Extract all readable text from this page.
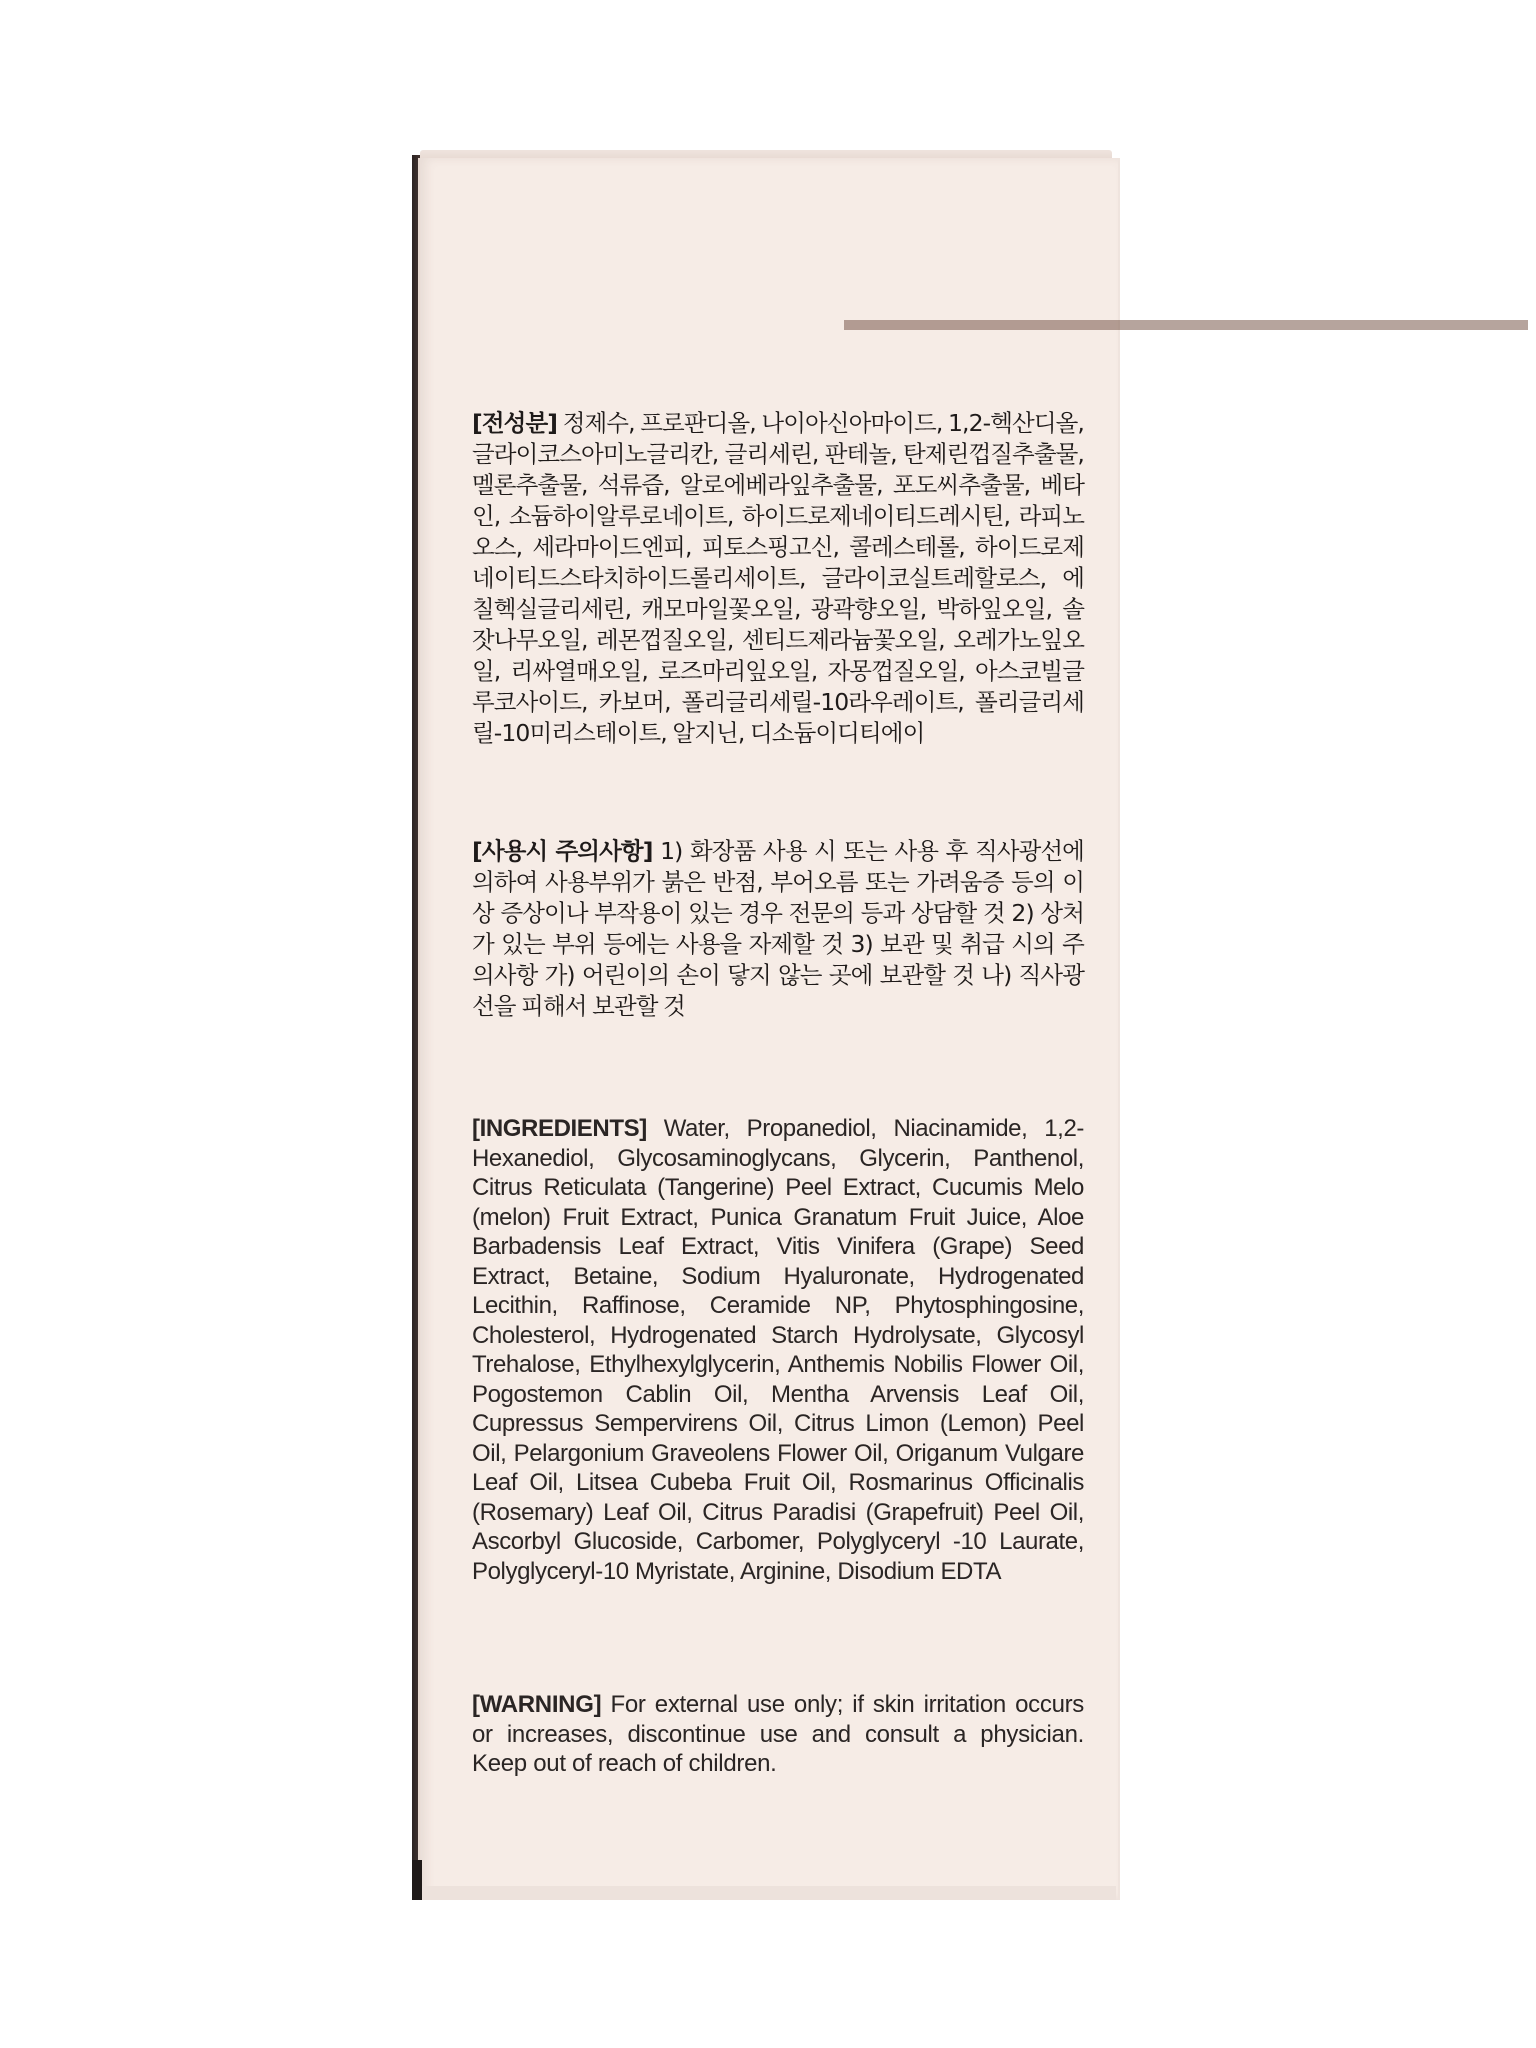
[전성분] 정제수, 프로판디올, 나이아신아마이드, 1,2-헥산디올, 글라이코스아미노글리칸, 글리세린, 판테놀, 탄제린껍질추출물, 멜론추출물, 석류즙, 알로에베라잎추출물, 포도씨추출물, 베타인, 소듐하이알루로네이트, 하이드로제네이티드레시틴, 라피노오스, 세라마이드엔피, 피토스핑고신, 콜레스테롤, 하이드로제네이티드스타치하이드롤리세이트, 글라이코실트레할로스, 에칠헥실글리세린, 캐모마일꽃오일, 광곽향오일, 박하잎오일, 솔잣나무오일, 레몬껍질오일, 센티드제라늄꽃오일, 오레가노잎오일, 리싸열매오일, 로즈마리잎오일, 자몽껍질오일, 아스코빌글루코사이드, 카보머, 폴리글리세릴-10라우레이트, 폴리글리세릴-10미리스테이트, 알지닌, 디소듐이디티에이
[사용시 주의사항] 1) 화장품 사용 시 또는 사용 후 직사광선에 의하여 사용부위가 붉은 반점, 부어오름 또는 가려움증 등의 이상 증상이나 부작용이 있는 경우 전문의 등과 상담할 것 2) 상처가 있는 부위 등에는 사용을 자제할 것 3) 보관 및 취급 시의 주의사항 가) 어린이의 손이 닿지 않는 곳에 보관할 것 나) 직사광선을 피해서 보관할 것
[INGREDIENTS] Water, Propanediol, Niacinamide, 1,2-Hexanediol, Glycosaminoglycans, Glycerin, Panthenol, Citrus Reticulata (Tangerine) Peel Extract, Cucumis Melo (melon) Fruit Extract, Punica Granatum Fruit Juice, Aloe Barbadensis Leaf Extract, Vitis Vinifera (Grape) Seed Extract, Betaine, Sodium Hyaluronate, Hydrogenated Lecithin, Raffinose, Ceramide NP, Phytosphingosine, Cholesterol, Hydrogenated Starch Hydrolysate, Glycosyl Trehalose, Ethylhexylglycerin, Anthemis Nobilis Flower Oil, Pogostemon Cablin Oil, Mentha Arvensis Leaf Oil, Cupressus Sempervirens Oil, Citrus Limon (Lemon) Peel Oil, Pelargonium Graveolens Flower Oil, Origanum Vulgare Leaf Oil, Litsea Cubeba Fruit Oil, Rosmarinus Officinalis (Rosemary) Leaf Oil, Citrus Paradisi (Grapefruit) Peel Oil, Ascorbyl Glucoside, Carbomer, Polyglyceryl -10 Laurate, Polyglyceryl-10 Myristate, Arginine, Disodium EDTA
[WARNING] For external use only; if skin irritation occurs or increases, discontinue use and consult a physician. Keep out of reach of children.
